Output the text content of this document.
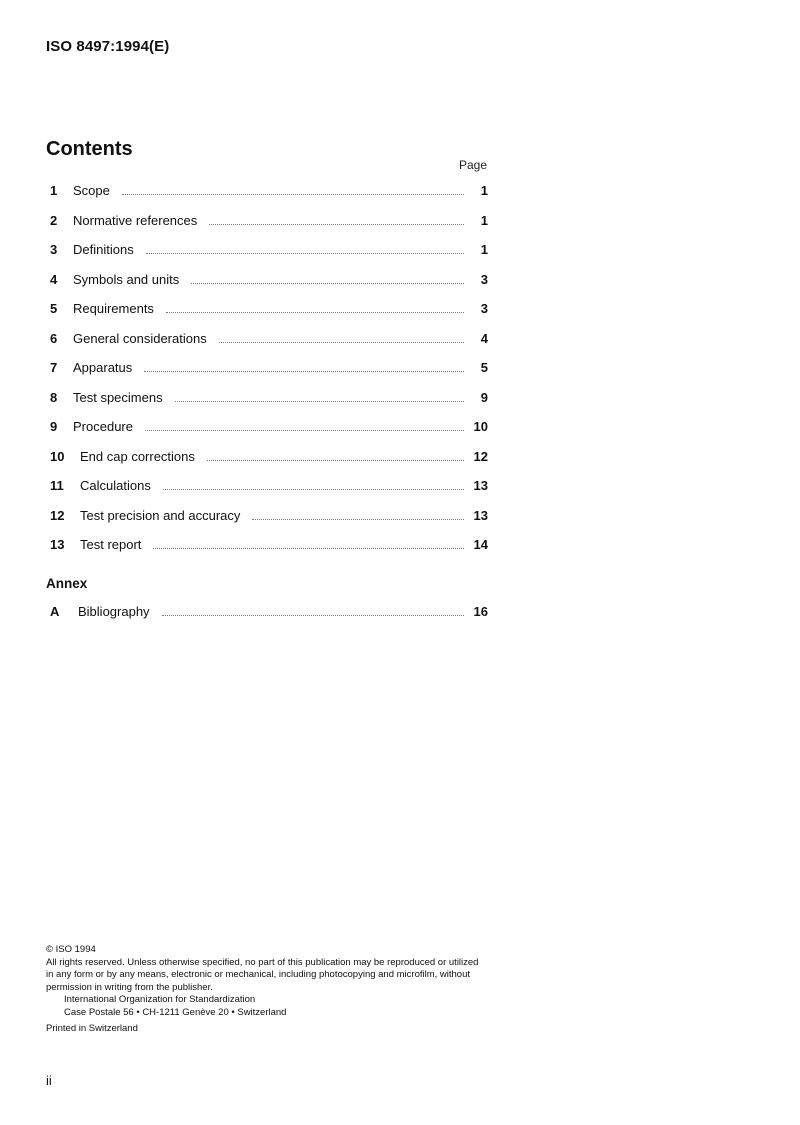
ISO 8497:1994(E)
Contents
Page
1	Scope	1
2	Normative references	1
3	Definitions	1
4	Symbols and units	3
5	Requirements	3
6	General considerations	4
7	Apparatus	5
8	Test specimens	9
9	Procedure	10
10	End cap corrections	12
11	Calculations	13
12	Test precision and accuracy	13
13	Test report	14
Annex
A	Bibliography	16
© ISO 1994
All rights reserved. Unless otherwise specified, no part of this publication may be reproduced or utilized in any form or by any means, electronic or mechanical, including photocopying and microfilm, without permission in writing from the publisher.
International Organization for Standardization
Case Postale 56 • CH-1211 Genève 20 • Switzerland
Printed in Switzerland
ii
